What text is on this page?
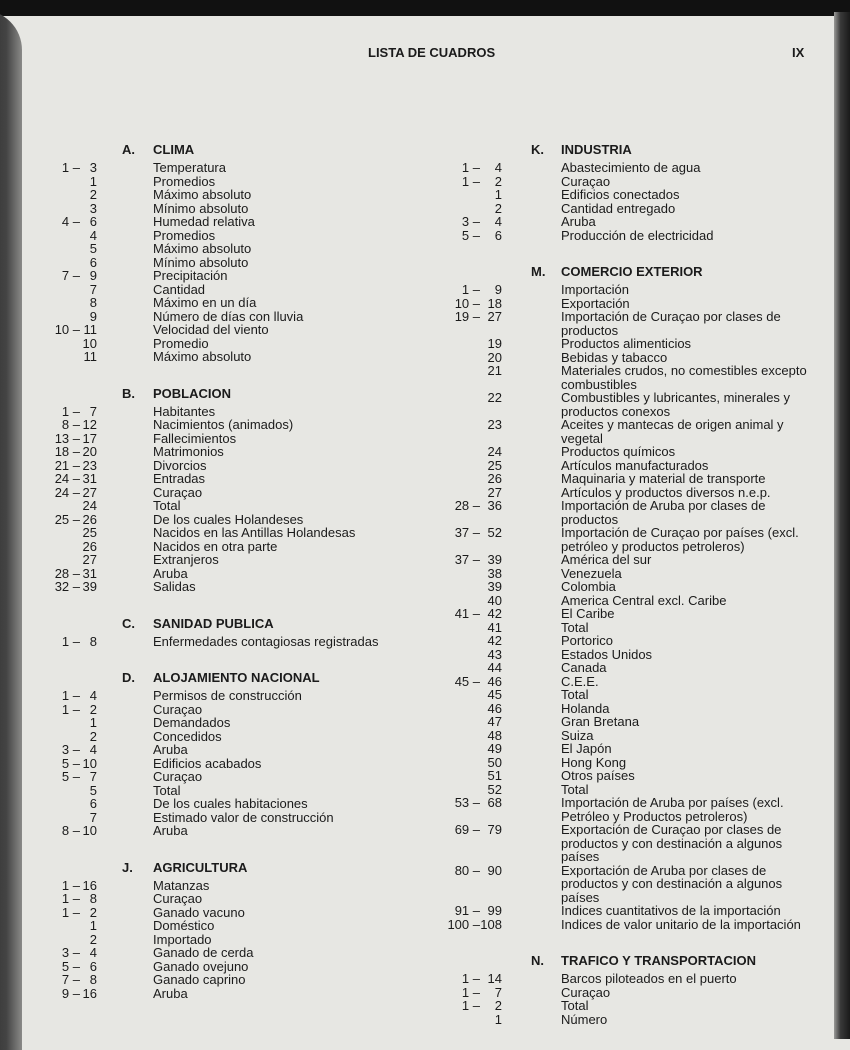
LISTA DE CUADROS	IX
A. CLIMA
1 – 3	Temperatura
1	Promedios
2	Máximo absoluto
3	Mínimo absoluto
4 – 6	Humedad relativa
4	Promedios
5	Máximo absoluto
6	Mínimo absoluto
7 – 9	Precipitación
7	Cantidad
8	Máximo en un día
9	Número de días con lluvia
10 – 11	Velocidad del viento
10	Promedio
11	Máximo absoluto
B. POBLACION
1 – 7	Habitantes
8 – 12	Nacimientos (animados)
13 – 17	Fallecimientos
18 – 20	Matrimonios
21 – 23	Divorcios
24 – 31	Entradas
24 – 27	Curaçao
24	Total
25 – 26	De los cuales Holandeses
25	Nacidos en las Antillas Holandesas
26	Nacidos en otra parte
27	Extranjeros
28 – 31	Aruba
32 – 39	Salidas
C. SANIDAD PUBLICA
1 – 8	Enfermedades contagiosas registradas
D. ALOJAMIENTO NACIONAL
1 – 4	Permisos de construcción
1 – 2	Curaçao
1	Demandados
2	Concedidos
3 – 4	Aruba
5 – 10	Edificios acabados
5 – 7	Curaçao
5	Total
6	De los cuales habitaciones
7	Estimado valor de construcción
8 – 10	Aruba
J. AGRICULTURA
1 – 16	Matanzas
1 – 8	Curaçao
1 – 2	Ganado vacuno
1	Doméstico
2	Importado
3 – 4	Ganado de cerda
5 – 6	Ganado ovejuno
7 – 8	Ganado caprino
9 – 16	Aruba
K. INDUSTRIA
1 –	4	Abastecimiento de agua
1 –	2	Curaçao
1	Edificios conectados
2	Cantidad entregado
3 –	4	Aruba
5 –	6	Producción de electricidad
M. COMERCIO EXTERIOR
1 –	9	Importación
10 – 18	Exportación
19 – 27	Importación de Curaçao por clases de productos
19	Productos alimenticios
20	Bebidas y tabacco
21	Materiales crudos, no comestibles excepto combustibles
22	Combustibles y lubricantes, minerales y productos conexos
23	Aceites y mantecas de origen animal y vegetal
24	Productos químicos
25	Artículos manufacturados
26	Maquinaria y material de transporte
27	Artículos y productos diversos n.e.p.
28 – 36	Importación de Aruba por clases de productos
37 – 52	Importación de Curaçao por países (excl. petróleo y productos petroleros)
37 – 39	América del sur
38	Venezuela
39	Colombia
40	America Central excl. Caribe
41 – 42	El Caribe
41	Total
42	Portorico
43	Estados Unidos
44	Canada
45 – 46	C.E.E.
45	Total
46	Holanda
47	Gran Bretana
48	Suiza
49	El Japón
50	Hong Kong
51	Otros países
52	Total
53 – 68	Importación de Aruba por países (excl. Petróleo y Productos petroleros)
69 – 79	Exportación de Curaçao por clases de productos y con destinación a algunos países
80 – 90	Exportación de Aruba por clases de productos y con destinación a algunos países
91 – 99	Indices cuantitativos de la importación
100 – 108	Indices de valor unitario de la importación
N. TRAFICO Y TRANSPORTACION
1 – 14	Barcos piloteados en el puerto
1 –	7	Curaçao
1 –	2	Total
1	Número
